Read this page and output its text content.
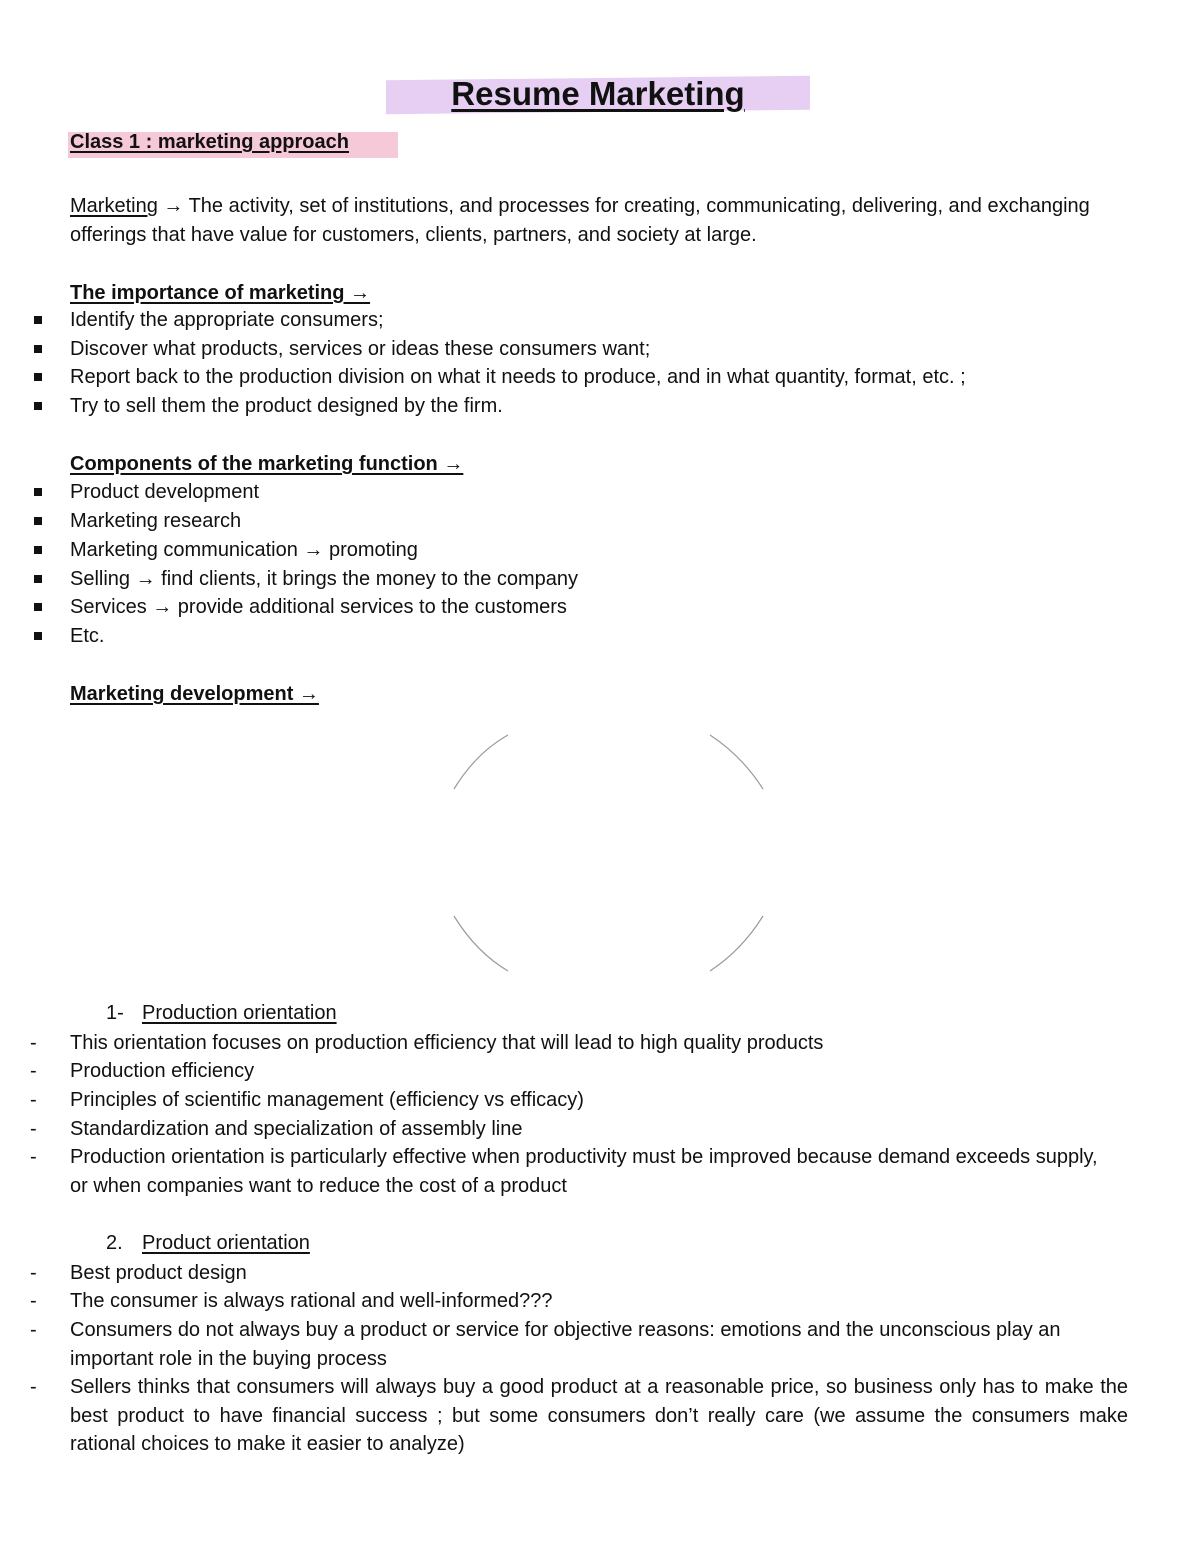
Resume Marketing
Class 1 : marketing approach
Marketing → The activity, set of institutions, and processes for creating, communicating, delivering, and exchanging offerings that have value for customers, clients, partners, and society at large.
The importance of marketing →
Identify the appropriate consumers;
Discover what products, services or ideas these consumers want;
Report back to the production division on what it needs to produce, and in what quantity, format, etc. ;
Try to sell them the product designed by the firm.
Components of the marketing function →
Product development
Marketing research
Marketing communication → promoting
Selling → find clients, it brings the money to the company
Services → provide additional services to the customers
Etc.
Marketing development →
1- Production orientation
- This orientation focuses on production efficiency that will lead to high quality products
- Production efficiency
- Principles of scientific management (efficiency vs efficacy)
- Standardization and specialization of assembly line
- Production orientation is particularly effective when productivity must be improved because demand exceeds supply, or when companies want to reduce the cost of a product
2. Product orientation
- Best product design
- The consumer is always rational and well-informed???
- Consumers do not always buy a product or service for objective reasons: emotions and the unconscious play an important role in the buying process
- Sellers thinks that consumers will always buy a good product at a reasonable price, so business only has to make the best product to have financial success ; but some consumers don’t really care (we assume the consumers make rational choices to make it easier to analyze)
